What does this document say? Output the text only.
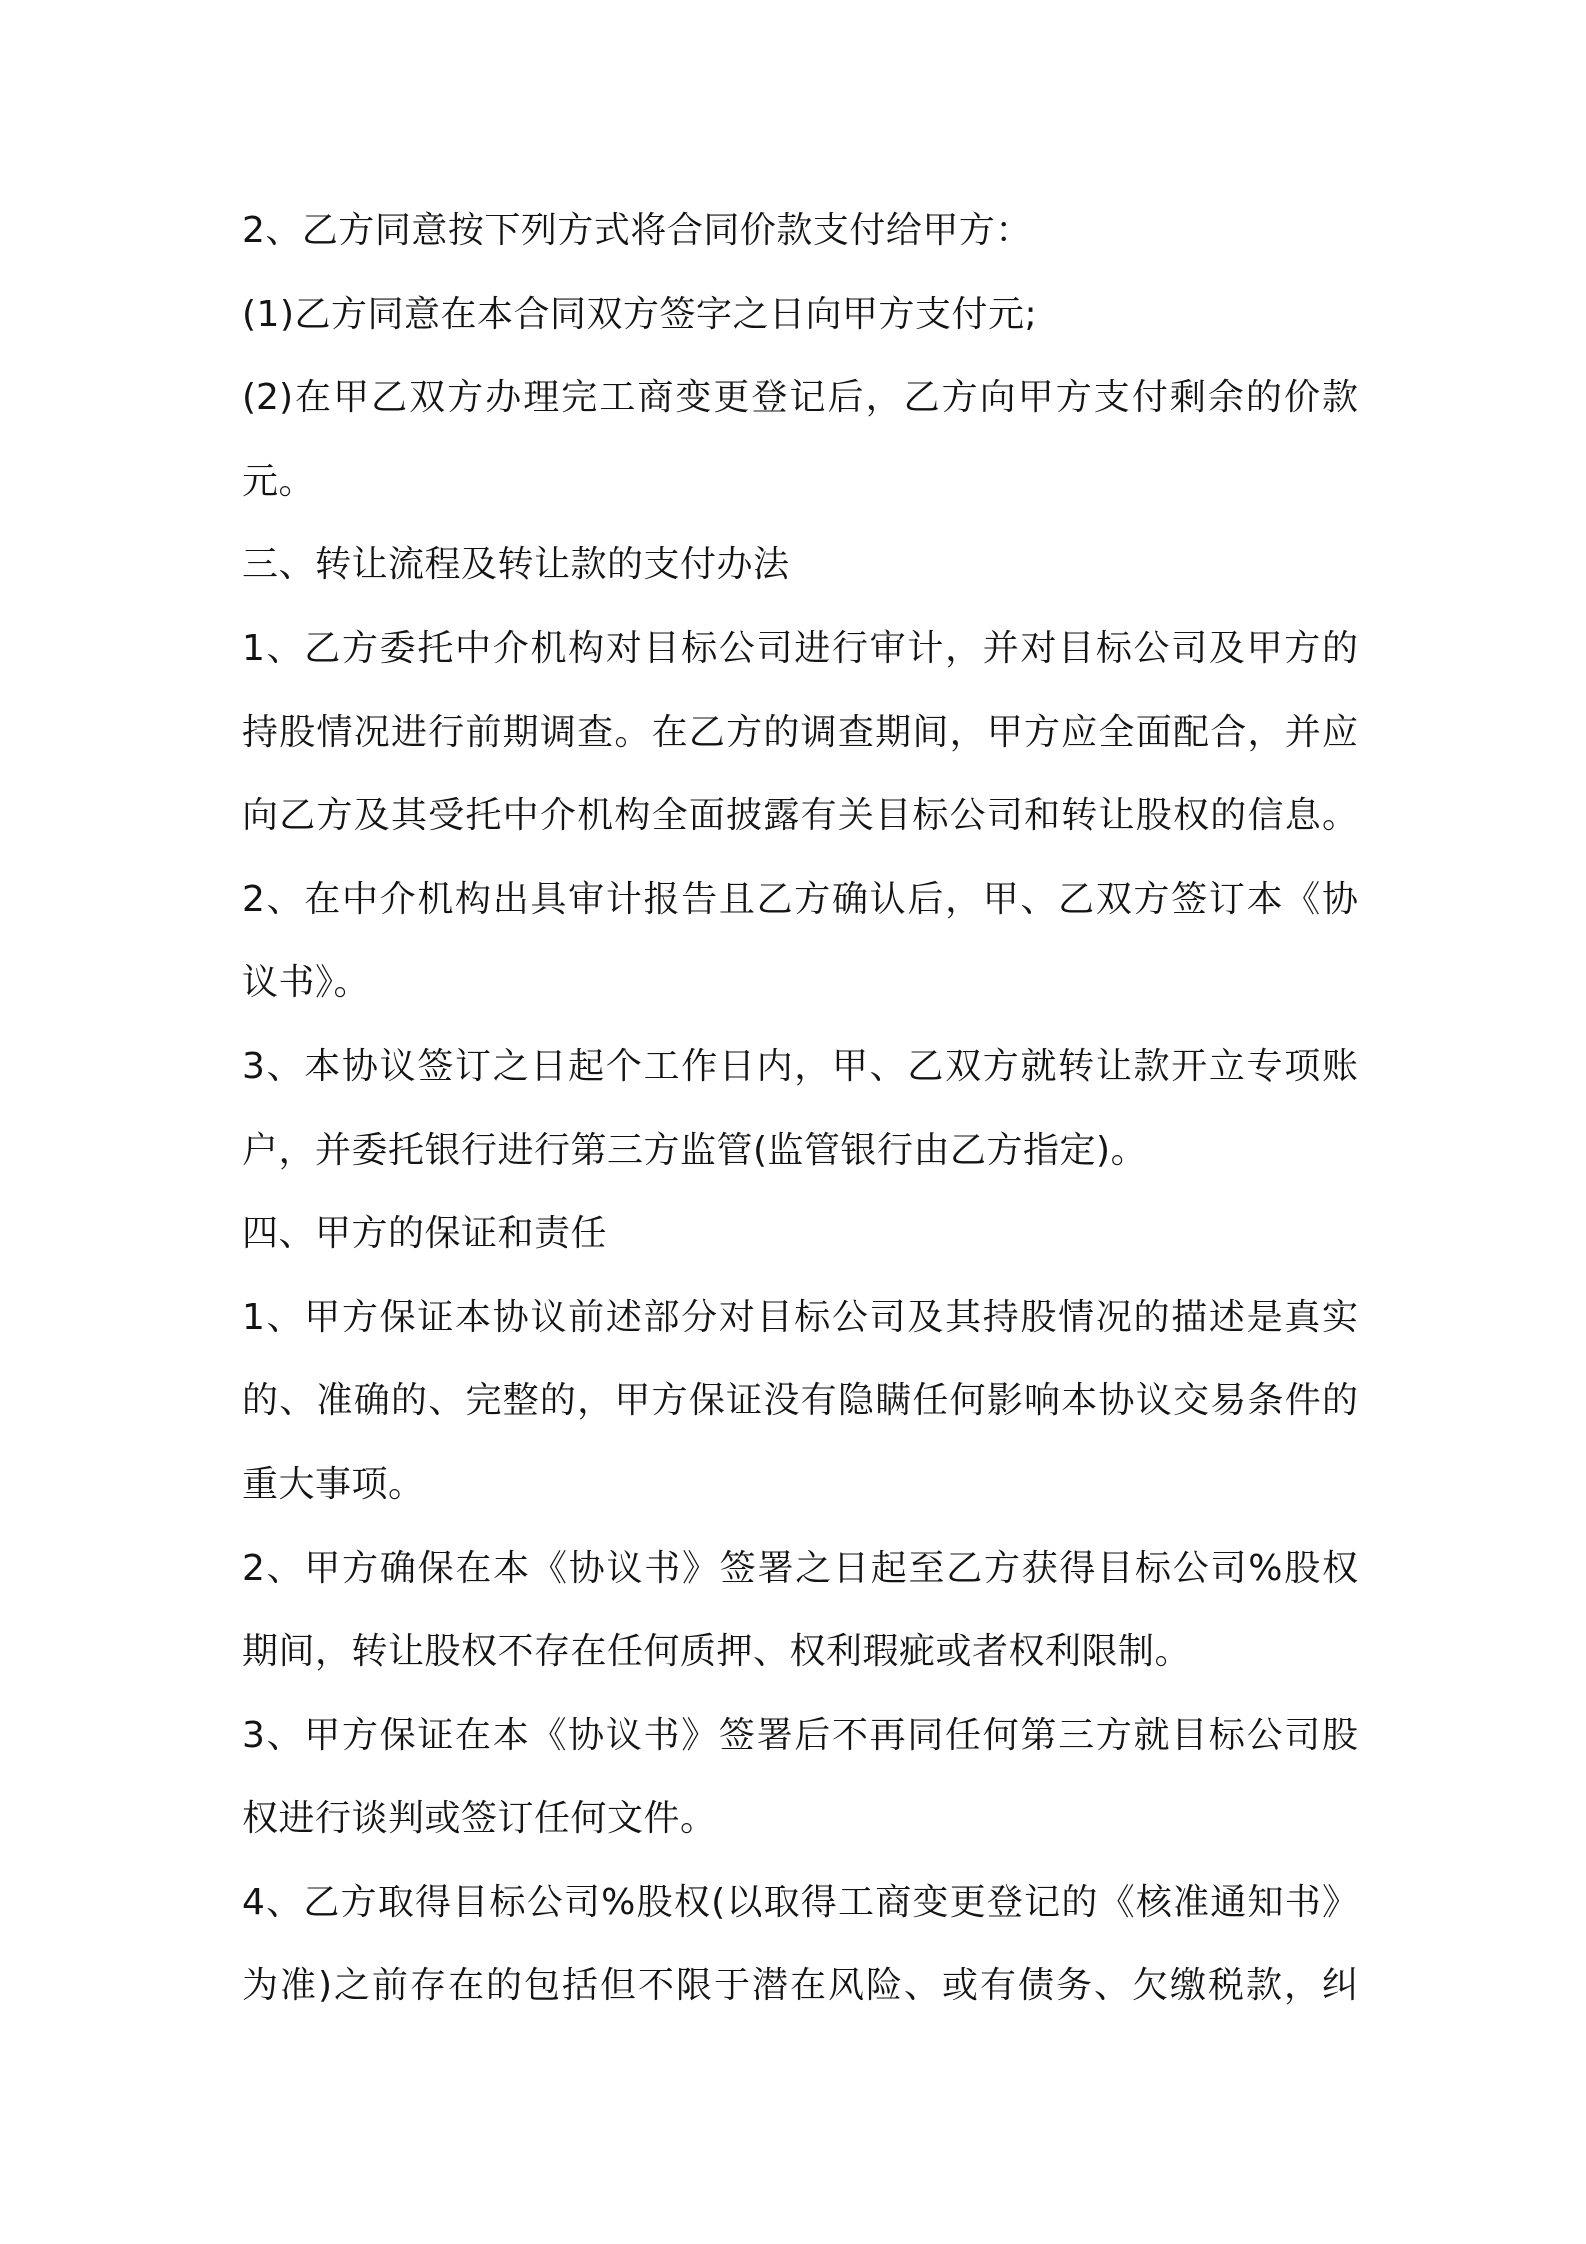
2、乙方同意按下列方式将合同价款支付给甲方：
(1)乙方同意在本合同双方签字之日向甲方支付元;
(2)在甲乙双方办理完工商变更登记后，乙方向甲方支付剩余的价款
元。
三、转让流程及转让款的支付办法
1、乙方委托中介机构对目标公司进行审计，并对目标公司及甲方的
持股情况进行前期调查。在乙方的调查期间，甲方应全面配合，并应
向乙方及其受托中介机构全面披露有关目标公司和转让股权的信息。
2、在中介机构出具审计报告且乙方确认后，甲、乙双方签订本《协
议书》。
3、本协议签订之日起个工作日内，甲、乙双方就转让款开立专项账
户，并委托银行进行第三方监管(监管银行由乙方指定)。
四、甲方的保证和责任
1、甲方保证本协议前述部分对目标公司及其持股情况的描述是真实
的、准确的、完整的，甲方保证没有隐瞒任何影响本协议交易条件的
重大事项。
2、甲方确保在本《协议书》签署之日起至乙方获得目标公司%股权
期间，转让股权不存在任何质押、权利瑕疵或者权利限制。
3、甲方保证在本《协议书》签署后不再同任何第三方就目标公司股
权进行谈判或签订任何文件。
4、乙方取得目标公司%股权(以取得工商变更登记的《核准通知书》
为准)之前存在的包括但不限于潜在风险、或有债务、欠缴税款，纠
